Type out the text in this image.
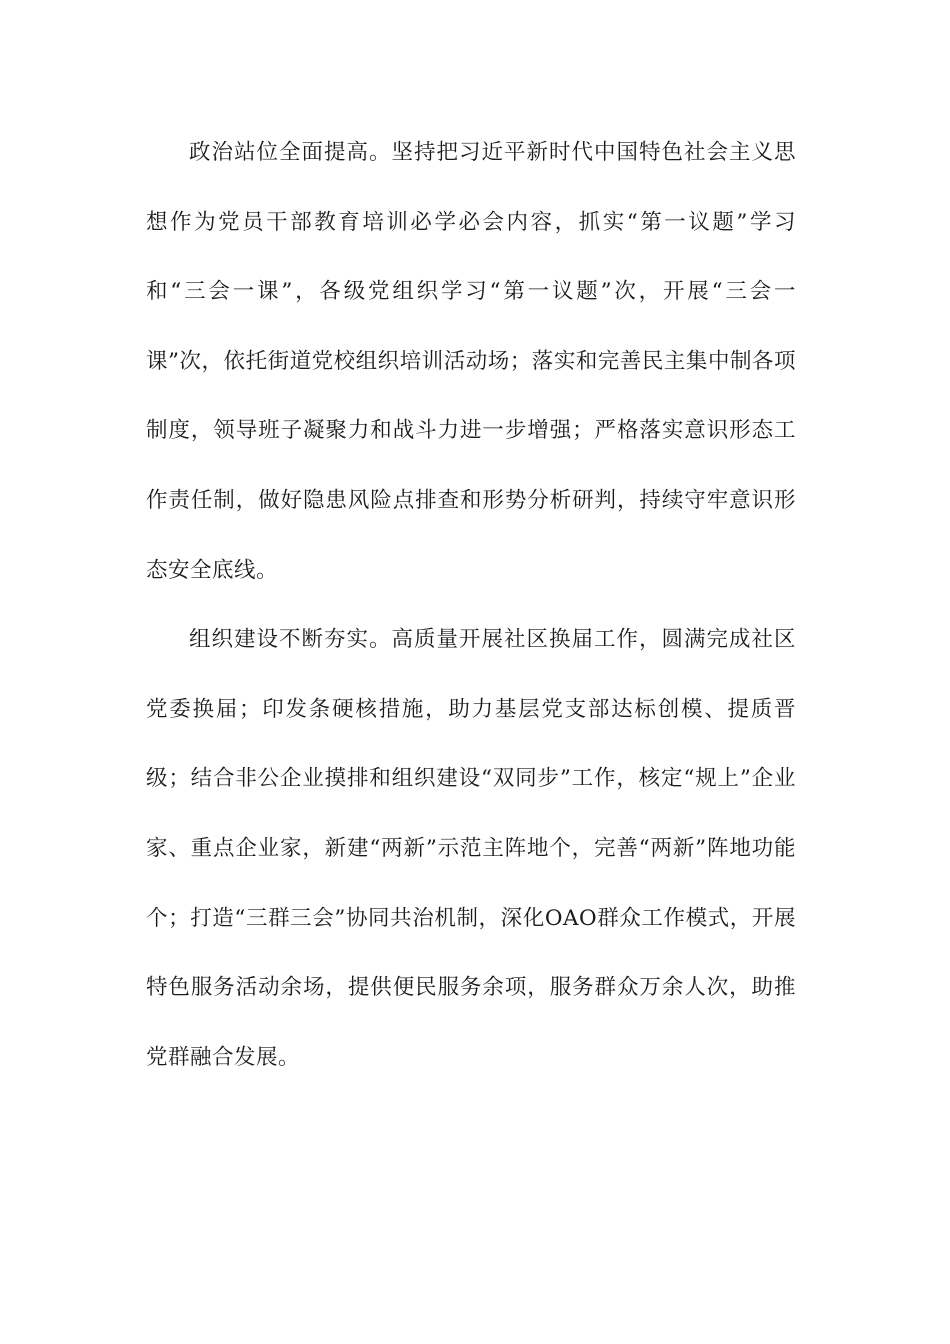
政治站位全面提高。坚持把习近平新时代中国特色社会主义思想作为党员干部教育培训必学必会内容，抓实“第一议题”学习和“三会一课”，各级党组织学习“第一议题”次，开展“三会一课”次，依托街道党校组织培训活动场；落实和完善民主集中制各项制度，领导班子凝聚力和战斗力进一步增强；严格落实意识形态工作责任制，做好隐患风险点排查和形势分析研判，持续守牢意识形态安全底线。

组织建设不断夯实。高质量开展社区换届工作，圆满完成社区党委换届；印发条硬核措施，助力基层党支部达标创模、提质晋级；结合非公企业摸排和组织建设“双同步”工作，核定“规上”企业家、重点企业家，新建“两新”示范主阵地个，完善“两新”阵地功能个；打造“三群三会”协同共治机制，深化OAO群众工作模式，开展特色服务活动余场，提供便民服务余项，服务群众万余人次，助推党群融合发展。
